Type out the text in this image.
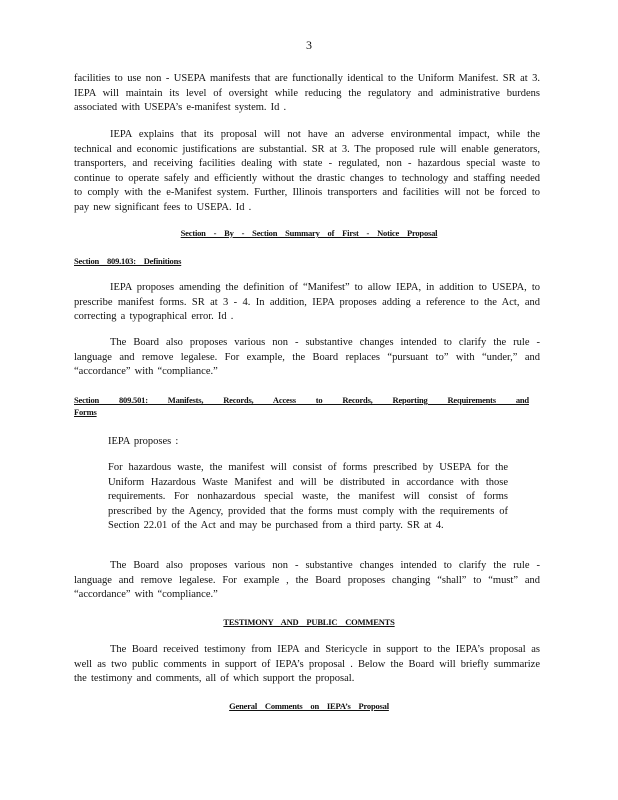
3
facilities to use non - USEPA manifests that are functionally identical to the Uniform Manifest. SR at 3. IEPA will maintain its level of oversight while reducing the regulatory and administrative burdens associated with USEPA’s e-manifest system. Id .
IEPA explains that its proposal will not have an adverse environmental impact, while the technical and economic justifications are substantial. SR at 3. The proposed rule will enable generators, transporters, and receiving facilities dealing with state - regulated, non - hazardous special waste to continue to operate safely and efficiently without the drastic changes to technology and staffing needed to comply with the e-Manifest system. Further, Illinois transporters and facilities will not be forced to pay new significant fees to USEPA. Id .
Section - By - Section Summary of First - Notice Proposal
Section 809.103: Definitions
IEPA proposes amending the definition of “Manifest” to allow IEPA, in addition to USEPA, to prescribe manifest forms. SR at 3 - 4. In addition, IEPA proposes adding a reference to the Act, and correcting a typographical error. Id .
The Board also proposes various non - substantive changes intended to clarify the rule - language and remove legalese. For example, the Board replaces “pursuant to” with “under,” and “accordance” with “compliance.”
Section 809.501: Manifests, Records, Access to Records, Reporting Requirements and
Forms
IEPA proposes :
For hazardous waste, the manifest will consist of forms prescribed by USEPA for the Uniform Hazardous Waste Manifest and will be distributed in accordance with those requirements. For nonhazardous special waste, the manifest will consist of forms prescribed by the Agency, provided that the forms must comply with the requirements of Section 22.01 of the Act and may be purchased from a third party. SR at 4.
The Board also proposes various non - substantive changes intended to clarify the rule - language and remove legalese. For example , the Board proposes changing “shall” to “must” and “accordance” with “compliance.”
TESTIMONY AND PUBLIC COMMENTS
The Board received testimony from IEPA and Stericycle in support to the IEPA’s proposal as well as two public comments in support of IEPA’s proposal . Below the Board will briefly summarize the testimony and comments, all of which support the proposal.
General Comments on IEPA’s Proposal
